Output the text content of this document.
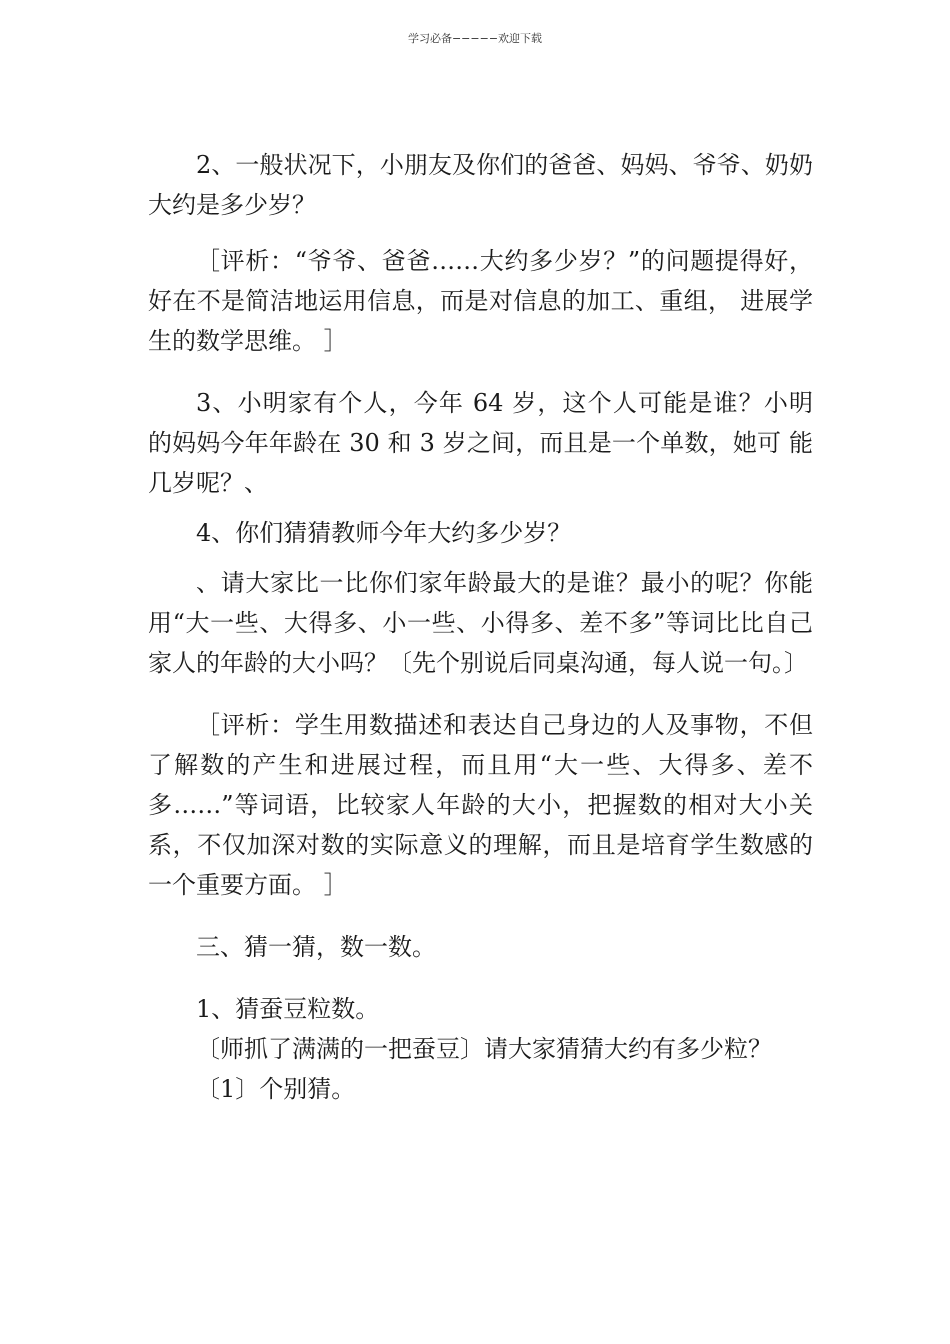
学习必备−−−−−欢迎下载

2、一般状况下，小朋友及你们的爸爸、妈妈、爷爷、奶奶大约是多少岁？

［评析：“爷爷、爸爸……大约多少岁？”的问题提得好， 好在不是简洁地运用信息，而是对信息的加工、重组， 进展学生的数学思维。 ］

3、小明家有个人，今年 64 岁，这个人可能是谁？小明 的妈妈今年年龄在 30 和 3 岁之间，而且是一个单数，她可 能几岁呢？、

4、你们猜猜教师今年大约多少岁？

、请大家比一比你们家年龄最大的是谁？最小的呢？你能用“大一些、大得多、小一些、小得多、差不多”等词比比自己家人的年龄的大小吗？〔先个别说后同桌沟通，每人说一句。〕

［评析：学生用数描述和表达自己身边的人及事物，不但了解数的产生和进展过程，而且用“大一些、大得多、差不多……”等词语，比较家人年龄的大小，把握数的相对大小关系，不仅加深对数的实际意义的理解，而且是培育学生数感的一个重要方面。 ］

三、猜一猜，数一数。

1、猜蚕豆粒数。

〔师抓了满满的一把蚕豆〕请大家猜猜大约有多少粒？

〔1〕个别猜。
